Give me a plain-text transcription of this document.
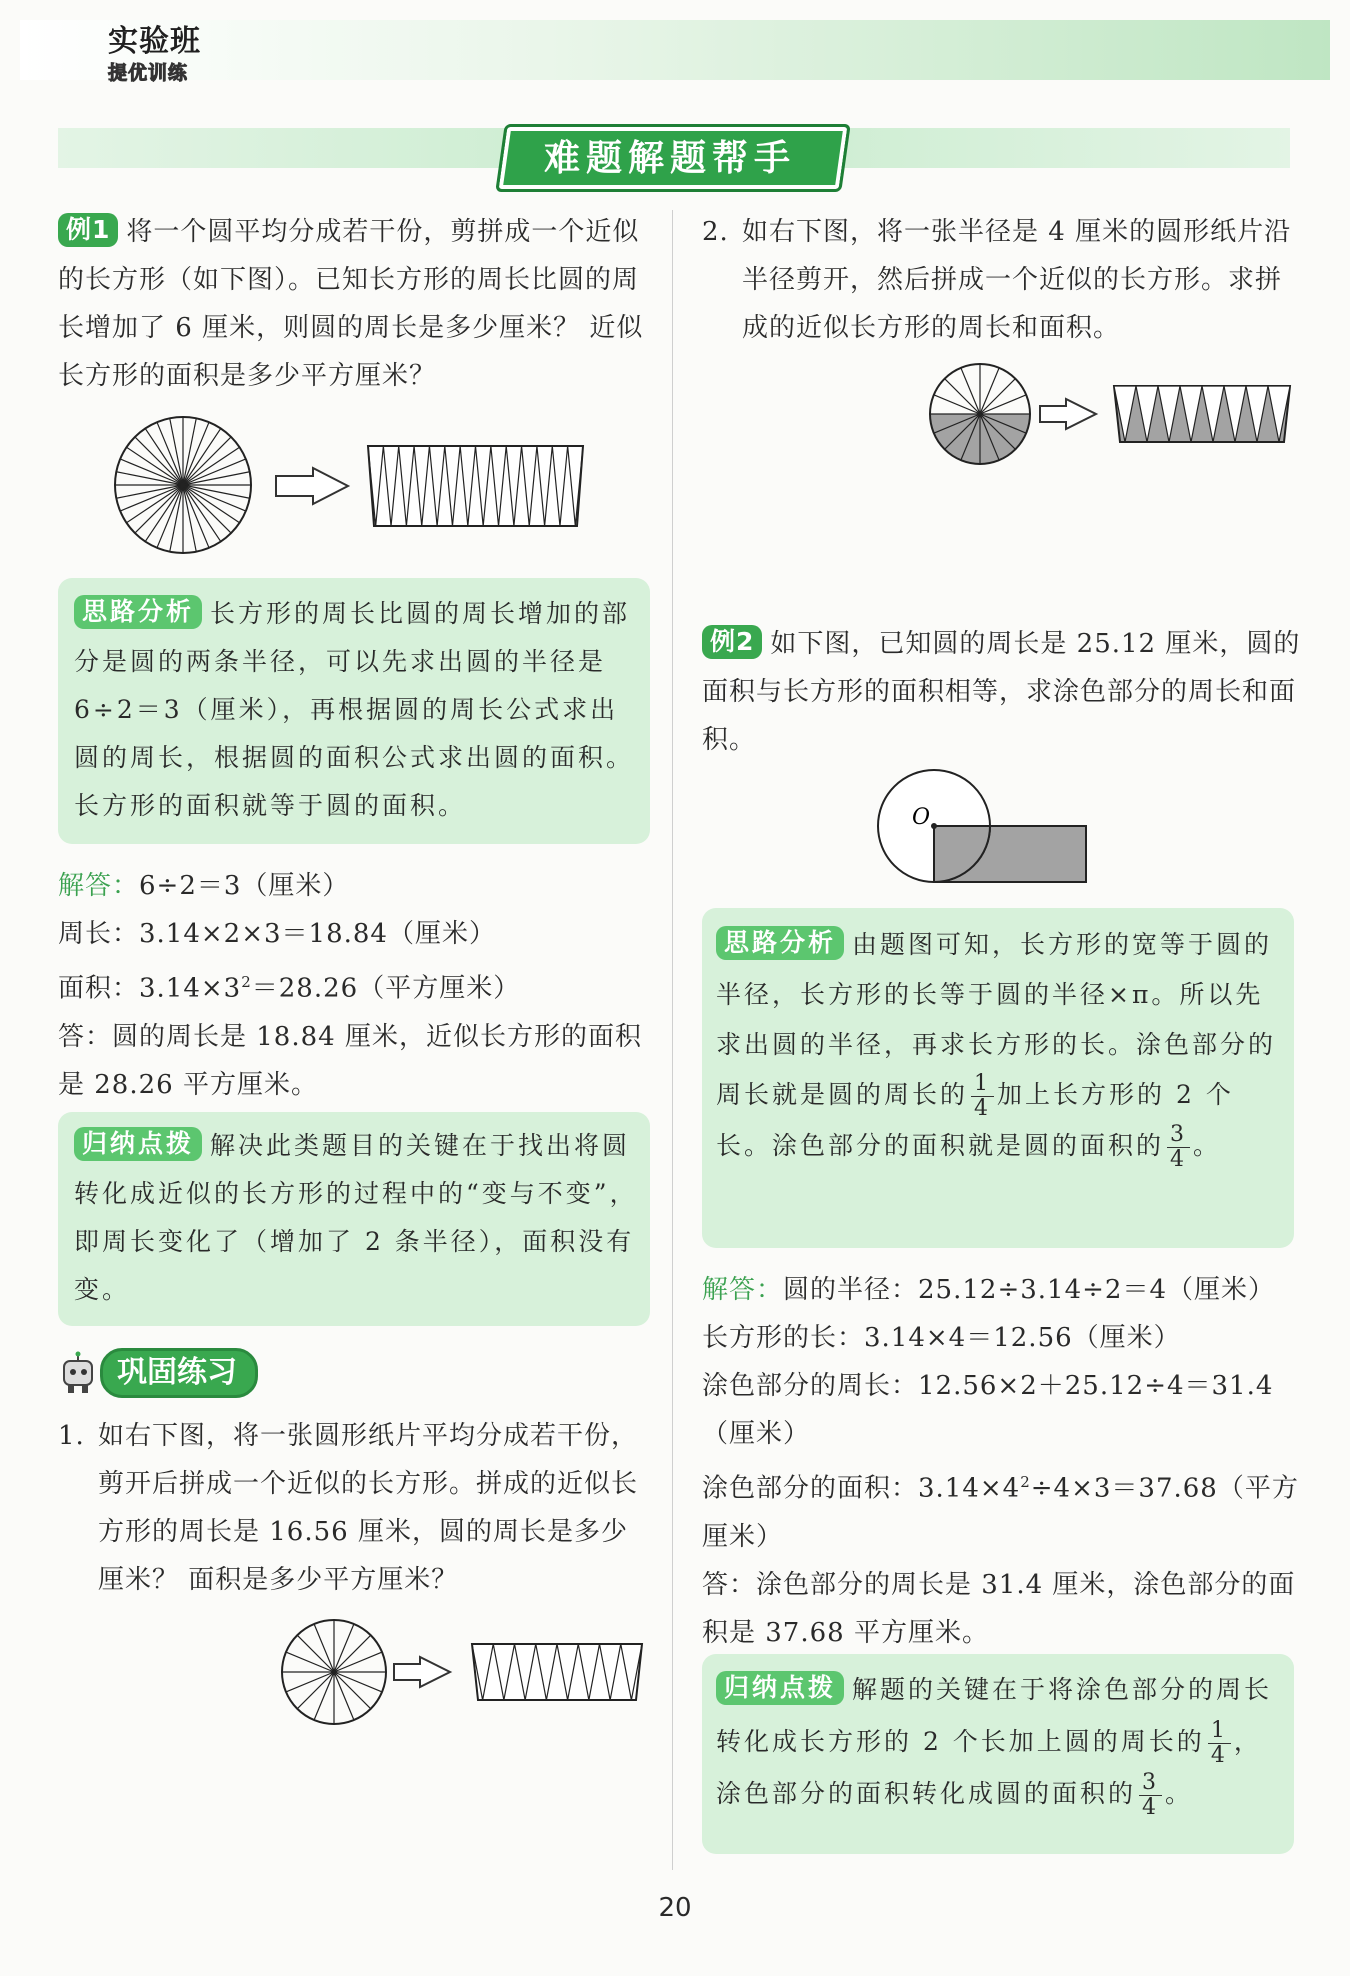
实验班
提优训练
难题解题帮手
例1 将一个圆平均分成若干份，剪拼成一个近似的长方形（如下图）。已知长方形的周长比圆的周长增加了 6 厘米，则圆的周长是多少厘米？ 近似长方形的面积是多少平方厘米？
思路分析 长方形的周长比圆的周长增加的部分是圆的两条半径，可以先求出圆的半径是 6÷2＝3（厘米），再根据圆的周长公式求出圆的周长，根据圆的面积公式求出圆的面积。长方形的面积就等于圆的面积。
解答：6÷2＝3（厘米）
周长：3.14×2×3＝18.84（厘米）
面积：$3.14\times 3^2=28.26$（平方厘米）
答：圆的周长是 18.84 厘米，近似长方形的面积是 28.26 平方厘米。
归纳点拨 解决此类题目的关键在于找出将圆转化成近似的长方形的过程中的“变与不变”，即周长变化了（增加了 2 条半径），面积没有变。
巩固练习
1. 如右下图，将一张圆形纸片平均分成若干份，剪开后拼成一个近似的长方形。拼成的近似长方形的周长是 16.56 厘米，圆的周长是多少厘米？ 面积是多少平方厘米？
2. 如右下图，将一张半径是 4 厘米的圆形纸片沿半径剪开，然后拼成一个近似的长方形。求拼成的近似长方形的周长和面积。
例2 如下图，已知圆的周长是 25.12 厘米，圆的面积与长方形的面积相等，求涂色部分的周长和面积。
O
思路分析 由题图可知，长方形的宽等于圆的半径，长方形的长等于圆的半径×π。所以先求出圆的半径，再求长方形的长。涂色部分的周长就是圆的周长的 $\frac{1}{4}$ 加上长方形的 2 个长。涂色部分的面积就是圆的面积的 $\frac{3}{4}$ 。
解答：圆的半径：25.12÷3.14÷2＝4（厘米）
长方形的长：3.14×4＝12.56（厘米）
涂色部分的周长：12.56×2＋25.12÷4＝31.4（厘米）
涂色部分的面积：$3.14\times 4^2\div 4\times 3=37.68$（平方厘米）
答：涂色部分的周长是 31.4 厘米，涂色部分的面积是 37.68 平方厘米。
归纳点拨 解题的关键在于将涂色部分的周长转化成长方形的 2 个长加上圆的周长的 $\frac{1}{4}$ ，涂色部分的面积转化成圆的面积的 $\frac{3}{4}$ 。
20
